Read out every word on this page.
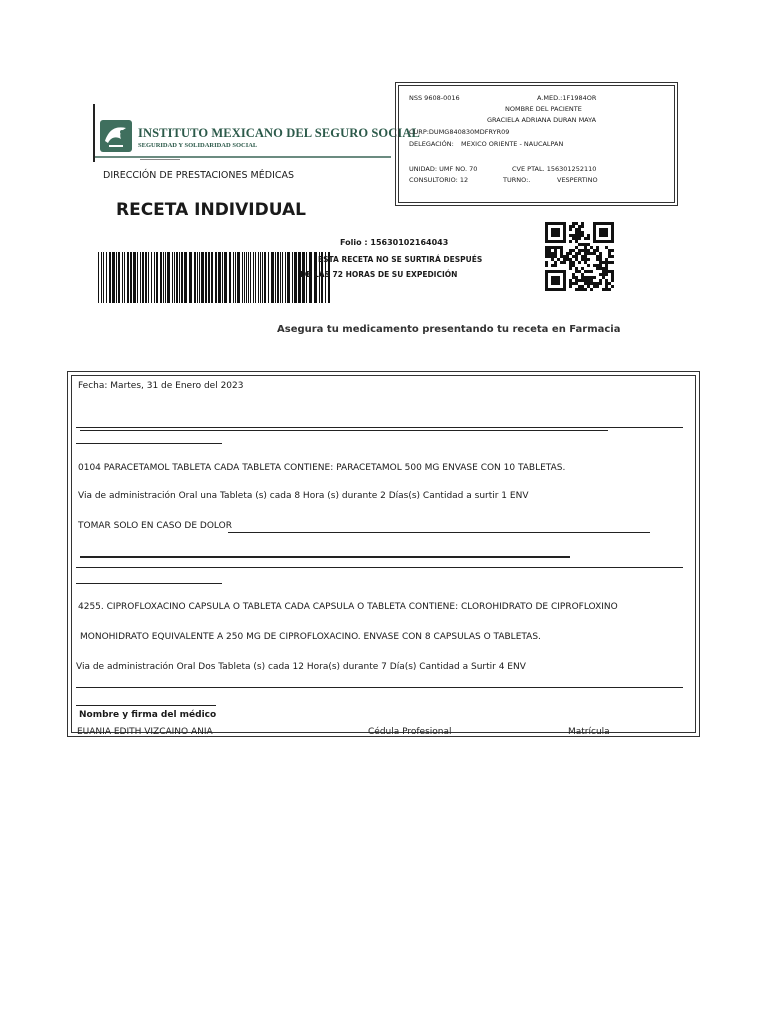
INSTITUTO MEXICANO DEL SEGURO SOCIAL
SEGURIDAD Y SOLIDARIDAD SOCIAL
DIRECCIÓN DE PRESTACIONES MÉDICAS
RECETA INDIVIDUAL
NSS 9608-0016	A.MED.:1F1984OR
NOMBRE DEL PACIENTE
GRACIELA ADRIANA DURAN MAYA
CURP:DUMG840830MDFRYR09
DELEGACIÓN: MEXICO ORIENTE - NAUCALPAN
UNIDAD: UMF NO. 70	CVE PTAL. 156301252110
CONSULTORIO: 12	TURNO:.	VESPERTINO
Folio : 15630102164043
ESTA RECETA NO SE SURTIRÁ DESPUÉS
DE LAS 72 HORAS DE SU EXPEDICIÓN
Asegura tu medicamento presentando tu receta en Farmacia
Fecha: Martes, 31 de Enero del 2023
0104 PARACETAMOL TABLETA CADA TABLETA CONTIENE: PARACETAMOL 500 MG ENVASE CON 10 TABLETAS.
Via de administración Oral una Tableta (s) cada 8 Hora (s) durante 2 Días(s) Cantidad a surtir 1 ENV
TOMAR SOLO EN CASO DE DOLOR
4255. CIPROFLOXACINO CAPSULA O TABLETA CADA CAPSULA O TABLETA CONTIENE: CLOROHIDRATO DE CIPROFLOXINO
MONOHIDRATO EQUIVALENTE A 250 MG DE CIPROFLOXACINO. ENVASE CON 8 CAPSULAS O TABLETAS.
Via de administración Oral Dos Tableta (s) cada 12 Hora(s) durante 7 Día(s) Cantidad a Surtir 4 ENV
Nombre y firma del médico
EUANIA EDITH VIZCAINO ANIA	Cédula Profesional	Matrícula
